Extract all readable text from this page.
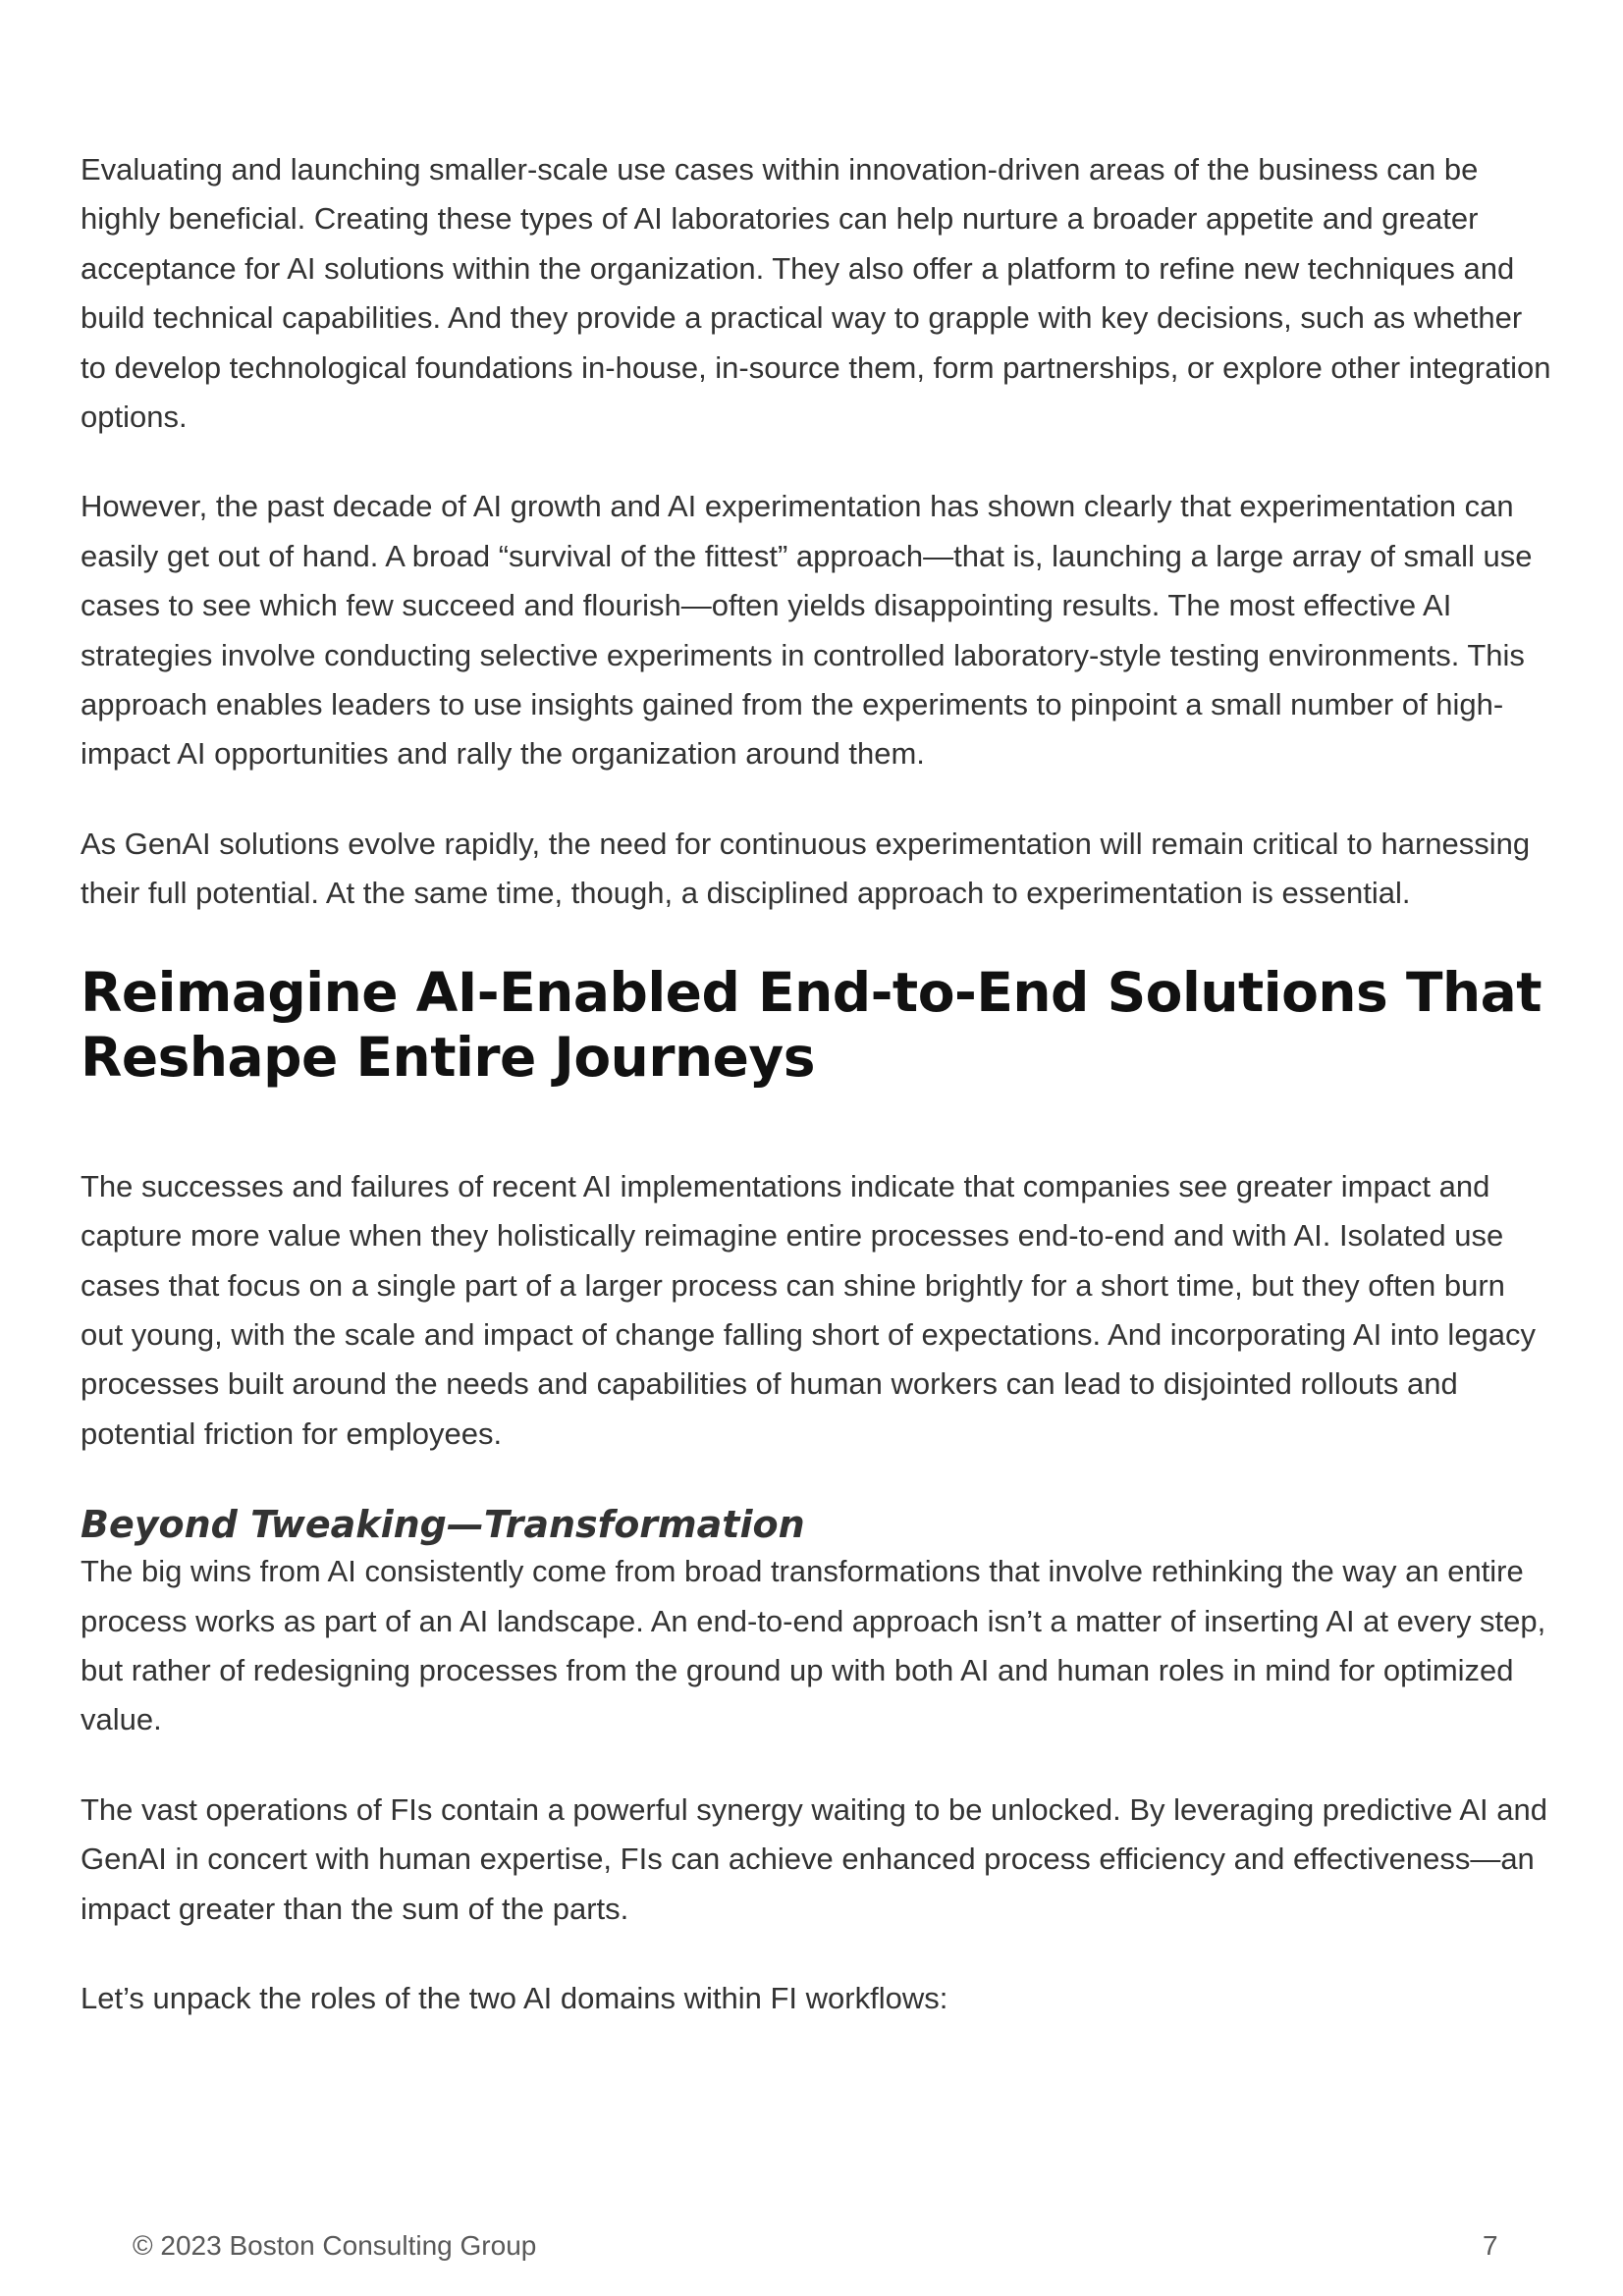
Evaluating and launching smaller-scale use cases within innovation-driven areas of the business can be highly beneficial. Creating these types of AI laboratories can help nurture a broader appetite and greater acceptance for AI solutions within the organization. They also offer a platform to refine new techniques and build technical capabilities. And they provide a practical way to grapple with key decisions, such as whether to develop technological foundations in-house, in-source them, form partnerships, or explore other integration options.

However, the past decade of AI growth and AI experimentation has shown clearly that experimentation can easily get out of hand. A broad “survival of the fittest” approach—that is, launching a large array of small use cases to see which few succeed and flourish—often yields disappointing results. The most effective AI strategies involve conducting selective experiments in controlled laboratory-style testing environments. This approach enables leaders to use insights gained from the experiments to pinpoint a small number of high-impact AI opportunities and rally the organization around them.

As GenAI solutions evolve rapidly, the need for continuous experimentation will remain critical to harnessing their full potential. At the same time, though, a disciplined approach to experimentation is essential.

Reimagine AI-Enabled End-to-End Solutions That Reshape Entire Journeys

The successes and failures of recent AI implementations indicate that companies see greater impact and capture more value when they holistically reimagine entire processes end-to-end and with AI. Isolated use cases that focus on a single part of a larger process can shine brightly for a short time, but they often burn out young, with the scale and impact of change falling short of expectations. And incorporating AI into legacy processes built around the needs and capabilities of human workers can lead to disjointed rollouts and potential friction for employees.

Beyond Tweaking—Transformation

The big wins from AI consistently come from broad transformations that involve rethinking the way an entire process works as part of an AI landscape. An end-to-end approach isn’t a matter of inserting AI at every step, but rather of redesigning processes from the ground up with both AI and human roles in mind for optimized value.

The vast operations of FIs contain a powerful synergy waiting to be unlocked. By leveraging predictive AI and GenAI in concert with human expertise, FIs can achieve enhanced process efficiency and effectiveness—an impact greater than the sum of the parts.

Let’s unpack the roles of the two AI domains within FI workflows:

© 2023 Boston Consulting Group	7
